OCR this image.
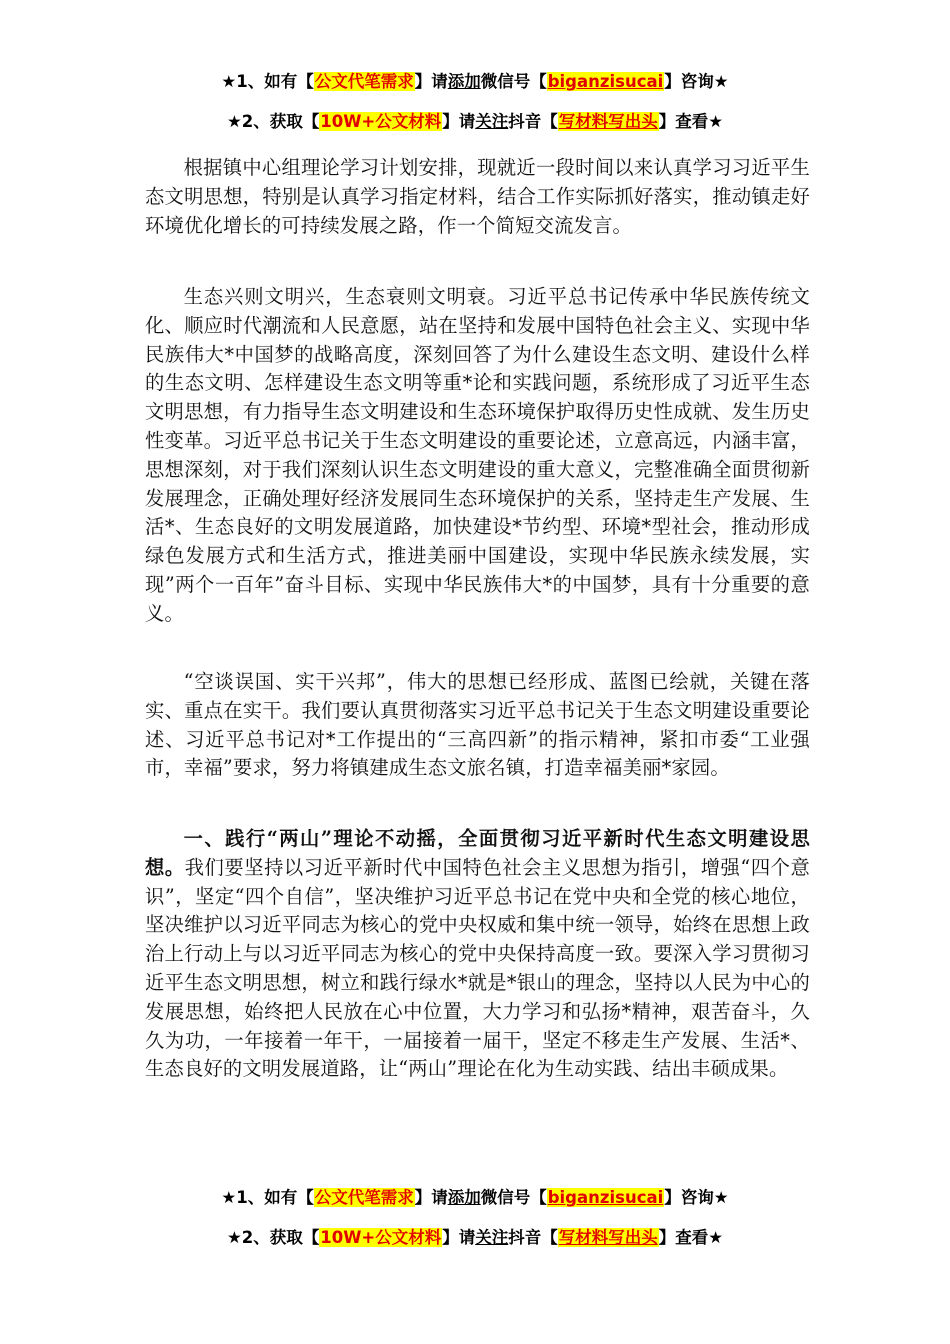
★1、如有【公文代笔需求】请添加微信号【biganzisucai】咨询★
★2、获取【10W+公文材料】请关注抖音【写材料写出头】查看★

根据镇中心组理论学习计划安排，现就近一段时间以来认真学习习近平生态文明思想，特别是认真学习指定材料，结合工作实际抓好落实，推动镇走好环境优化增长的可持续发展之路，作一个简短交流发言。

生态兴则文明兴，生态衰则文明衰。习近平总书记传承中华民族传统文化、顺应时代潮流和人民意愿，站在坚持和发展中国特色社会主义、实现中华民族伟大*中国梦的战略高度，深刻回答了为什么建设生态文明、建设什么样的生态文明、怎样建设生态文明等重*论和实践问题，系统形成了习近平生态文明思想，有力指导生态文明建设和生态环境保护取得历史性成就、发生历史性变革。习近平总书记关于生态文明建设的重要论述，立意高远，内涵丰富，思想深刻，对于我们深刻认识生态文明建设的重大意义，完整准确全面贯彻新发展理念，正确处理好经济发展同生态环境保护的关系，坚持走生产发展、生活*、生态良好的文明发展道路，加快建设*节约型、环境*型社会，推动形成绿色发展方式和生活方式，推进美丽中国建设，实现中华民族永续发展，实现”两个一百年”奋斗目标、实现中华民族伟大*的中国梦，具有十分重要的意义。

“空谈误国、实干兴邦”，伟大的思想已经形成、蓝图已绘就，关键在落实、重点在实干。我们要认真贯彻落实习近平总书记关于生态文明建设重要论述、习近平总书记对*工作提出的“三高四新”的指示精神，紧扣市委“工业强市，幸福”要求，努力将镇建成生态文旅名镇，打造幸福美丽*家园。

一、践行“两山”理论不动摇，全面贯彻习近平新时代生态文明建设思想。我们要坚持以习近平新时代中国特色社会主义思想为指引，增强“四个意识”，坚定“四个自信”，坚决维护习近平总书记在党中央和全党的核心地位，坚决维护以习近平同志为核心的党中央权威和集中统一领导，始终在思想上政治上行动上与以习近平同志为核心的党中央保持高度一致。要深入学习贯彻习近平生态文明思想，树立和践行绿水*就是*银山的理念，坚持以人民为中心的发展思想，始终把人民放在心中位置，大力学习和弘扬*精神，艰苦奋斗，久久为功，一年接着一年干，一届接着一届干，坚定不移走生产发展、生活*、生态良好的文明发展道路，让“两山”理论在化为生动实践、结出丰硕成果。

★1、如有【公文代笔需求】请添加微信号【biganzisucai】咨询★
★2、获取【10W+公文材料】请关注抖音【写材料写出头】查看★
